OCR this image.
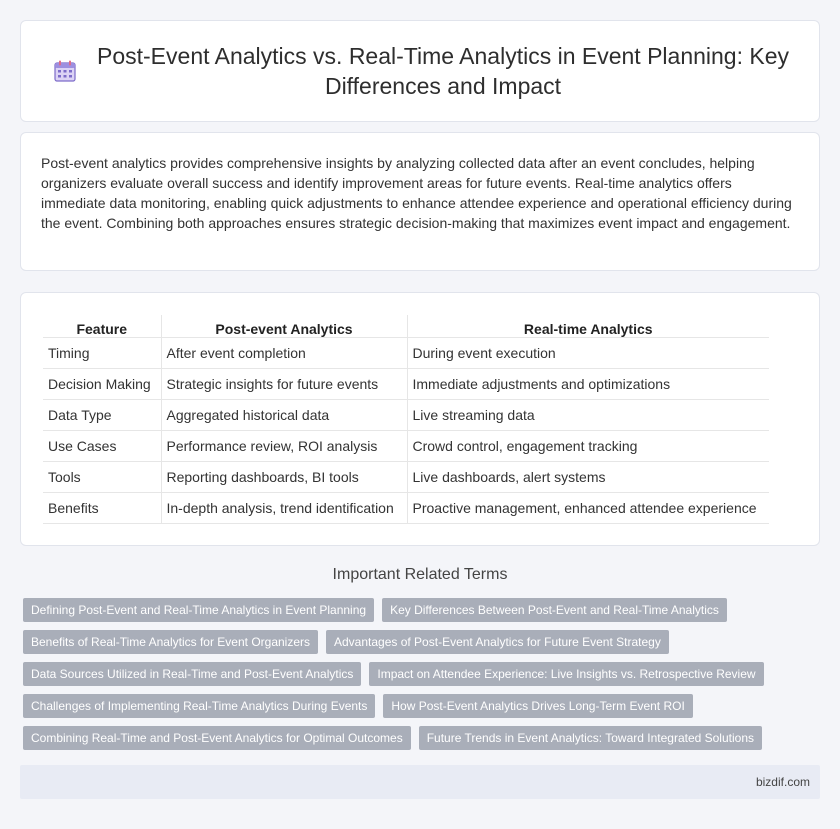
Post-Event Analytics vs. Real-Time Analytics in Event Planning: Key Differences and Impact

Post-event analytics provides comprehensive insights by analyzing collected data after an event concludes, helping organizers evaluate overall success and identify improvement areas for future events. Real-time analytics offers immediate data monitoring, enabling quick adjustments to enhance attendee experience and operational efficiency during the event. Combining both approaches ensures strategic decision-making that maximizes event impact and engagement.

Feature	Post-event Analytics	Real-time Analytics
Timing	After event completion	During event execution
Decision Making	Strategic insights for future events	Immediate adjustments and optimizations
Data Type	Aggregated historical data	Live streaming data
Use Cases	Performance review, ROI analysis	Crowd control, engagement tracking
Tools	Reporting dashboards, BI tools	Live dashboards, alert systems
Benefits	In-depth analysis, trend identification	Proactive management, enhanced attendee experience
Important Related Terms
Defining Post-Event and Real-Time Analytics in Event Planning	Key Differences Between Post-Event and Real-Time Analytics
Benefits of Real-Time Analytics for Event Organizers	Advantages of Post-Event Analytics for Future Event Strategy
Data Sources Utilized in Real-Time and Post-Event Analytics	Impact on Attendee Experience: Live Insights vs. Retrospective Review
Challenges of Implementing Real-Time Analytics During Events	How Post-Event Analytics Drives Long-Term Event ROI
Combining Real-Time and Post-Event Analytics for Optimal Outcomes	Future Trends in Event Analytics: Toward Integrated Solutions
bizdif.com
